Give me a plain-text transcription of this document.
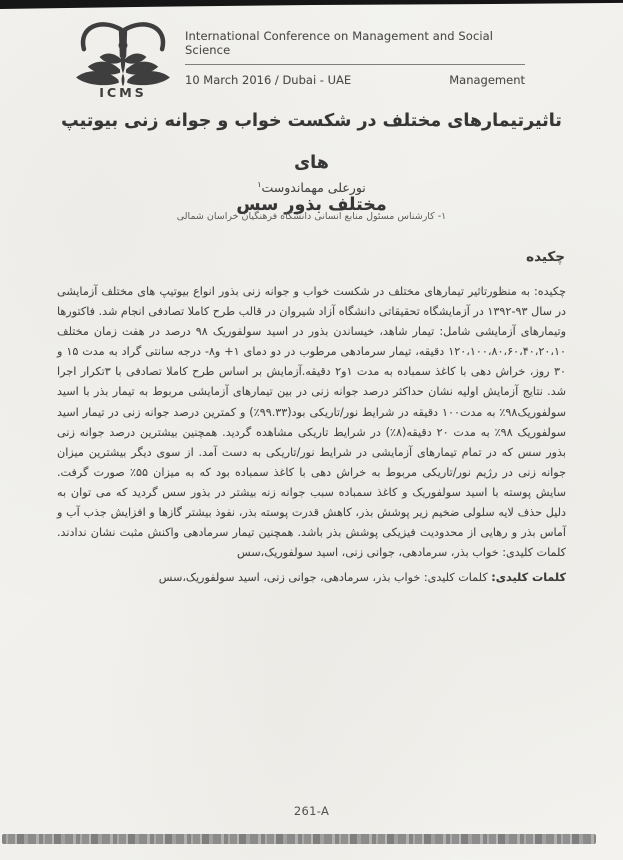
ICMS
International Conference on Management and Social Science
10 March 2016 / Dubai - UAE	Management
تاثیرتیمارهای مختلف در شکست خواب و جوانه زنی بیوتیپ های
مختلف بذور سس
نورعلی مهماندوست$^۱$
۱- کارشناس مسئول منابع انسانی دانشگاه فرهنگیان خراسان شمالی
چکیده

چکیده: به منظورتاثیر تیمارهای مختلف در شکست خواب و جوانه زنی بذور انواع بیوتیپ های مختلف آزمایشی در سال ۹۳-۱۳۹۲ در آزمایشگاه تحقیقاتی دانشگاه آزاد شیروان در قالب طرح کاملا تصادفی انجام شد. فاکتورها وتیمارهای آزمایشی شامل: تیمار شاهد، خیساندن بذور در اسید سولفوریک ۹۸ درصد در هفت زمان مختلف ۱۲۰،۱۰۰،۸۰،۶۰،۴۰،۲۰،۱۰ دقیقه، تیمار سرمادهی مرطوب در دو دمای ۱+ و۸- درجه سانتی گراد به مدت ۱۵ و ۳۰ روز، خراش دهی با کاغذ سمباده به مدت ۱و۲ دقیقه.آزمایش بر اساس طرح کاملا تصادفی با ۳تکرار اجرا شد. نتایج آزمایش اولیه نشان حداکثر درصد جوانه زنی در بین تیمارهای آزمایشی مربوط به تیمار بذر با اسید سولفوریک۹۸٪ به مدت۱۰۰ دقیقه در شرایط نور/تاریکی بود(۹۹.۳۳٪) و کمترین درصد جوانه زنی در تیمار اسید سولفوریک ۹۸٪ به مدت ۲۰ دقیقه(۸٪) در شرایط تاریکی مشاهده گردید. همچنین بیشترین درصد جوانه زنی بذور سس که در تمام تیمارهای آزمایشی در شرایط نور/تاریکی به دست آمد. از سوی دیگر بیشترین میزان جوانه زنی در رژیم نور/تاریکی مربوط به خراش دهی با کاغذ سمباده بود که به میزان ۵۵٪ صورت گرفت. سایش پوسته با اسید سولفوریک و کاغذ سمباده سبب جوانه زنه بیشتر در بذور سس گردید که می توان به دلیل حذف لایه سلولی ضخیم زیر پوشش بذر، کاهش قدرت پوسته بذر، نفوذ بیشتر گازها و افزایش جذب آب و آماس بذر و رهایی از محدودیت فیزیکی پوشش بذر باشد. همچنین تیمار سرمادهی واکنش مثبت نشان ندادند. کلمات کلیدی: خواب بذر، سرمادهی، جوانی زنی، اسید سولفوریک،سس

کلمات کلیدی: کلمات کلیدی: خواب بذر، سرمادهی، جوانی زنی، اسید سولفوریک،سس

261-A
